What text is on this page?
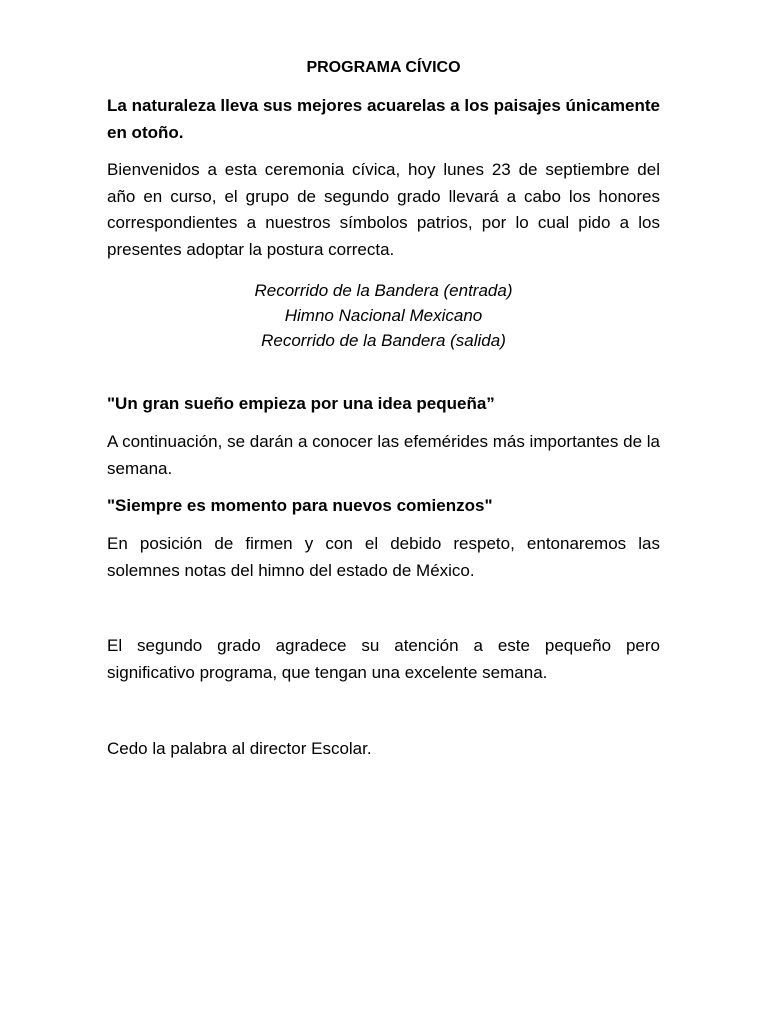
PROGRAMA CÍVICO
La naturaleza lleva sus mejores acuarelas a los paisajes únicamente en otoño.
Bienvenidos a esta ceremonia cívica, hoy lunes 23 de septiembre del año en curso, el grupo de segundo grado llevará a cabo los honores correspondientes a nuestros símbolos patrios, por lo cual pido a los presentes adoptar la postura correcta.
Recorrido de la Bandera (entrada)
Himno Nacional Mexicano
Recorrido de la Bandera (salida)
"Un gran sueño empieza por una idea pequeña”
A continuación, se darán a conocer las efemérides más importantes de la semana.
"Siempre es momento para nuevos comienzos"
En posición de firmen y con el debido respeto, entonaremos las solemnes notas del himno del estado de México.
El segundo grado agradece su atención a este pequeño pero significativo programa, que tengan una excelente semana.
Cedo la palabra al director Escolar.
